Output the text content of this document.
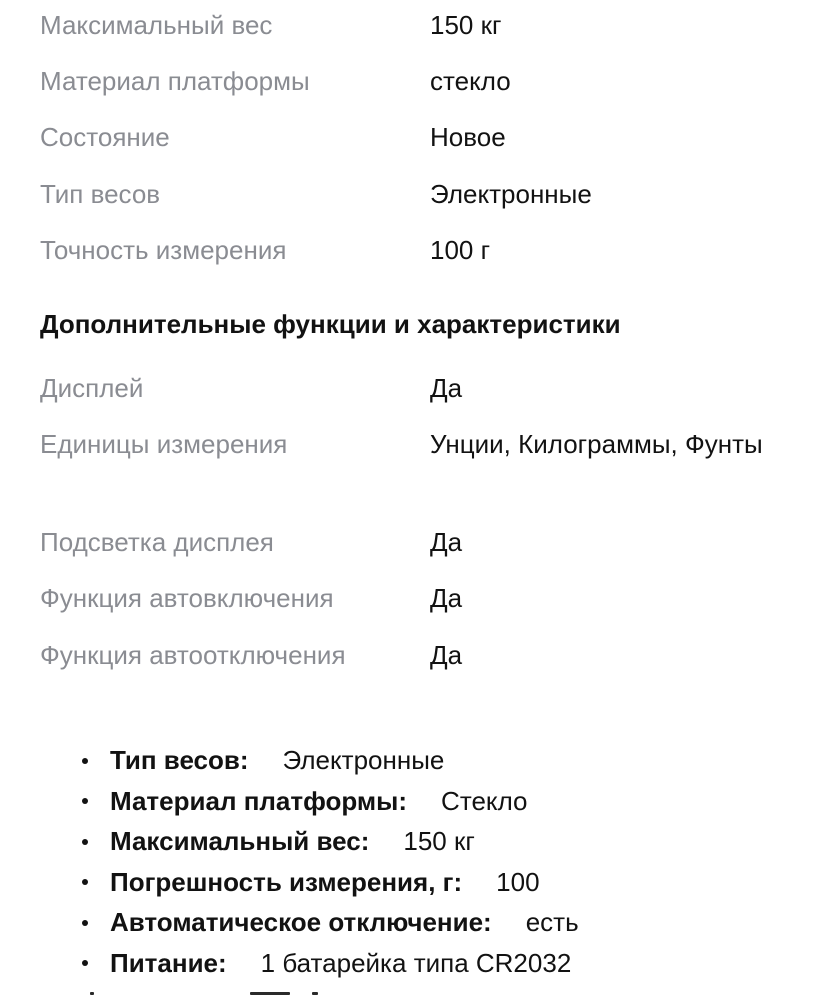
Максимальный вес	150 кг
Материал платформы	стекло
Состояние	Новое
Тип весов	Электронные
Точность измерения	100 г
Дополнительные функции и характеристики
Дисплей	Да
Единицы измерения	Унции, Килограммы, Фунты
Подсветка дисплея	Да
Функция автовключения	Да
Функция автоотключения	Да
Тип весов: Электронные
Материал платформы: Стекло
Максимальный вес: 150 кг
Погрешность измерения, г: 100
Автоматическое отключение: есть
Питание: 1 батарейка типа CR2032
